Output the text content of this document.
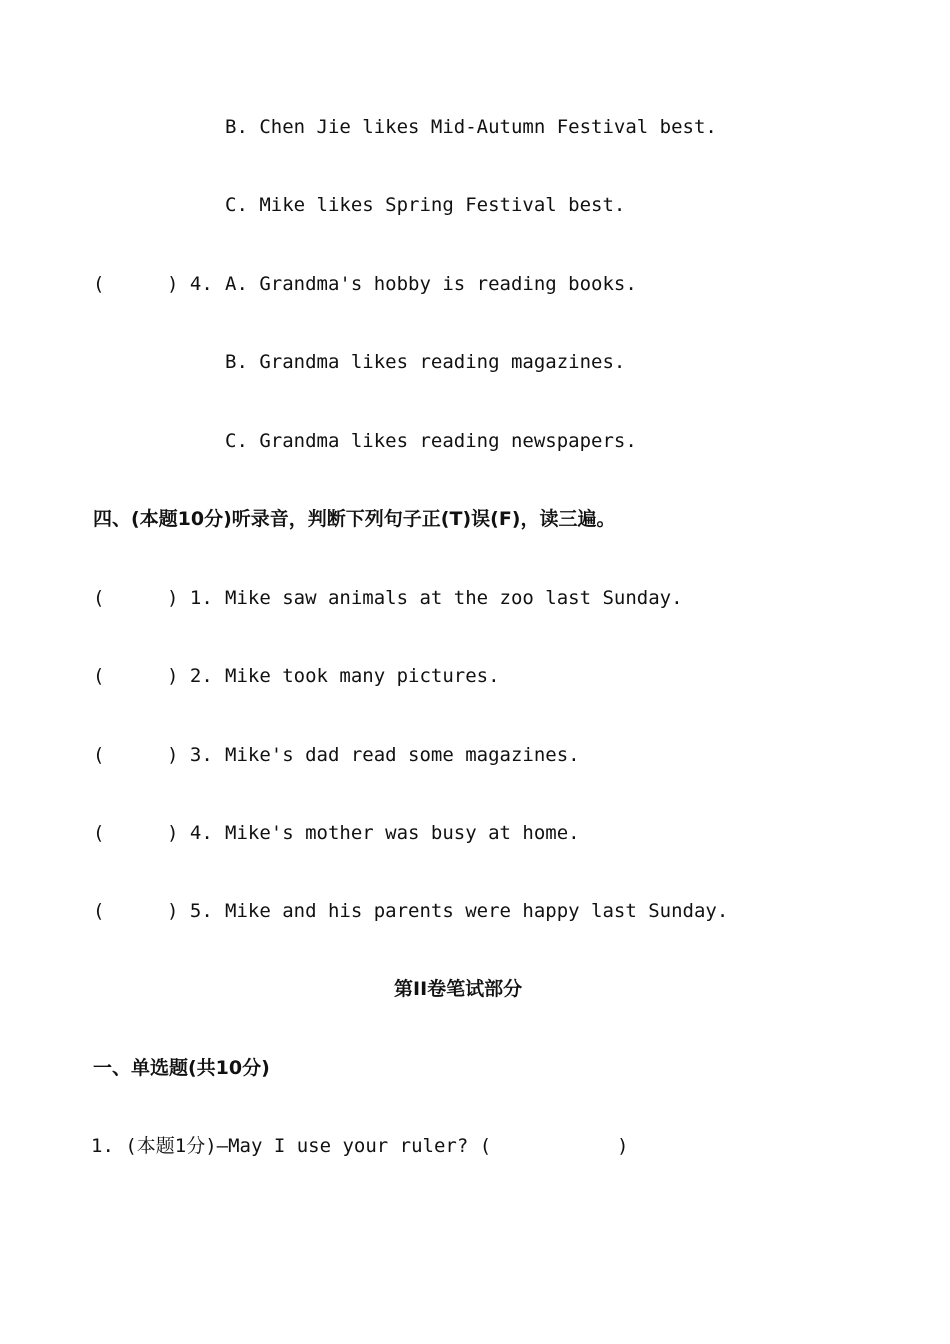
B. Chen Jie likes Mid-Autumn Festival best.
C. Mike likes Spring Festival best.
(	) 4. A. Grandma's hobby is reading books.
B. Grandma likes reading magazines.
C. Grandma likes reading newspapers.
四、(本题10分)听录音，判断下列句子正(T)误(F)，读三遍。
(	) 1. Mike saw animals at the zoo last Sunday.
(	) 2. Mike took many pictures.
(	) 3. Mike's dad read some magazines.
(	) 4. Mike's mother was busy at home.
(	) 5. Mike and his parents were happy last Sunday.
第II卷笔试部分
一、单选题(共10分)
1. (本题1分)—May I use your ruler? (           )
